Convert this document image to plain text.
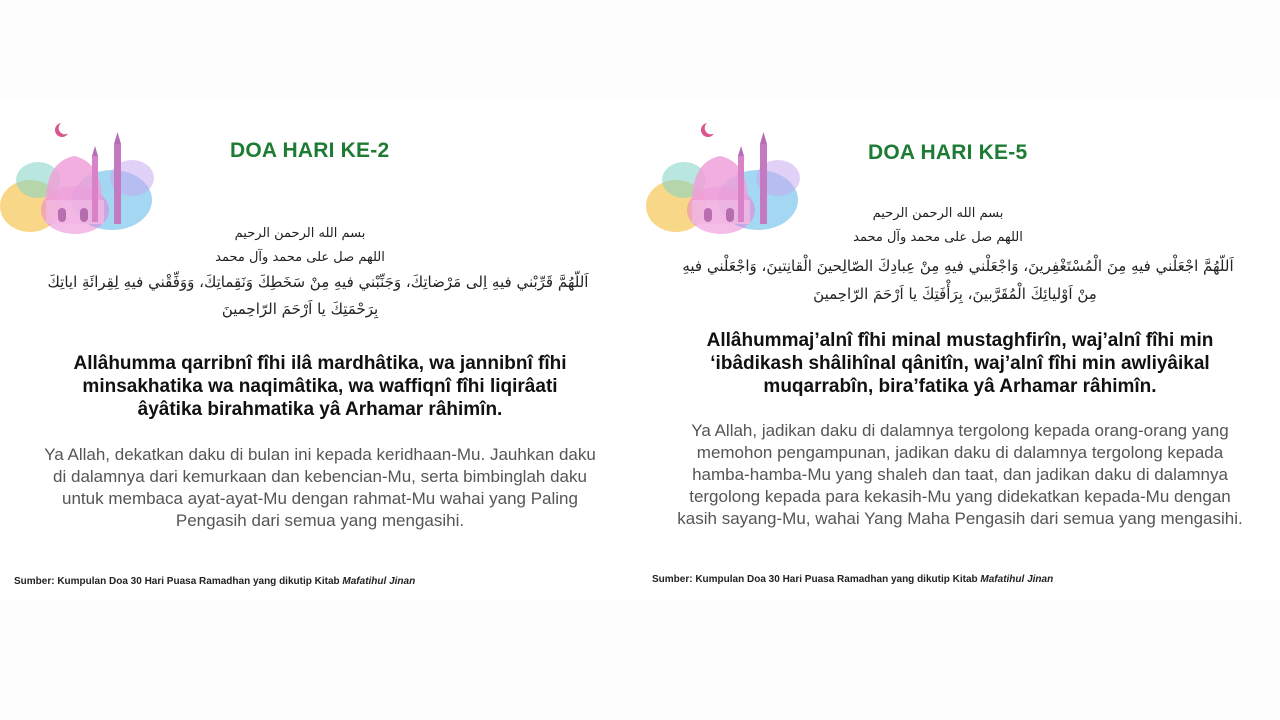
DOA HARI KE-2
بسم الله الرحمن الرحيم
اللهم صل على محمد وآل محمد
اَللّهُمَّ قَرِّبْني فيهِ اِلى مَرْضاتِكَ، وَجَنِّبْني فيهِ مِنْ سَخَطِكَ وَنَقِماتِكَ، وَوَفِّقْني فيهِ لِقِرائَةِ اياتِكَ
بِرَحْمَتِكَ يا اَرْحَمَ الرّاحِمينَ
Allâhumma qarribnî fîhi ilâ mardhâtika, wa jannibnî fîhi minsakhatika wa naqimâtika, wa waffiqnî fîhi liqirâati âyâtika birahmatika yâ Arhamar râhimîn.
Ya Allah, dekatkan daku di bulan ini kepada keridhaan-Mu. Jauhkan daku di dalamnya dari kemurkaan dan kebencian-Mu, serta bimbinglah daku untuk membaca ayat-ayat-Mu dengan rahmat-Mu wahai yang Paling Pengasih dari semua yang mengasihi.
Sumber: Kumpulan Doa 30 Hari Puasa Ramadhan yang dikutip Kitab Mafatihul Jinan
DOA HARI KE-5
بسم الله الرحمن الرحيم
اللهم صل على محمد وآل محمد
اَللّهُمَّ اجْعَلْني فيهِ مِنَ الْمُسْتَغْفِرينَ، وَاجْعَلْني فيهِ مِنْ عِبادِكَ الصّالِحينَ الْقانِتينَ، وَاجْعَلْني فيهِ
مِنْ اَوْليائِكَ الْمُقَرَّبينَ، بِرَأْفَتِكَ يا اَرْحَمَ الرّاحِمينَ
Allâhummaj’alnî fîhi minal mustaghfirîn, waj’alnî fîhi min ‘ibâdikash shâlihînal qânitîn, waj’alnî fîhi min awliyâikal muqarrabîn, bira’fatika yâ Arhamar râhimîn.
Ya Allah, jadikan daku di dalamnya tergolong kepada orang-orang yang memohon pengampunan, jadikan daku di dalamnya tergolong kepada hamba-hamba-Mu yang shaleh dan taat, dan jadikan daku di dalamnya tergolong kepada para kekasih-Mu yang didekatkan kepada-Mu dengan kasih sayang-Mu, wahai Yang Maha Pengasih dari semua yang mengasihi.
Sumber: Kumpulan Doa 30 Hari Puasa Ramadhan yang dikutip Kitab Mafatihul Jinan
